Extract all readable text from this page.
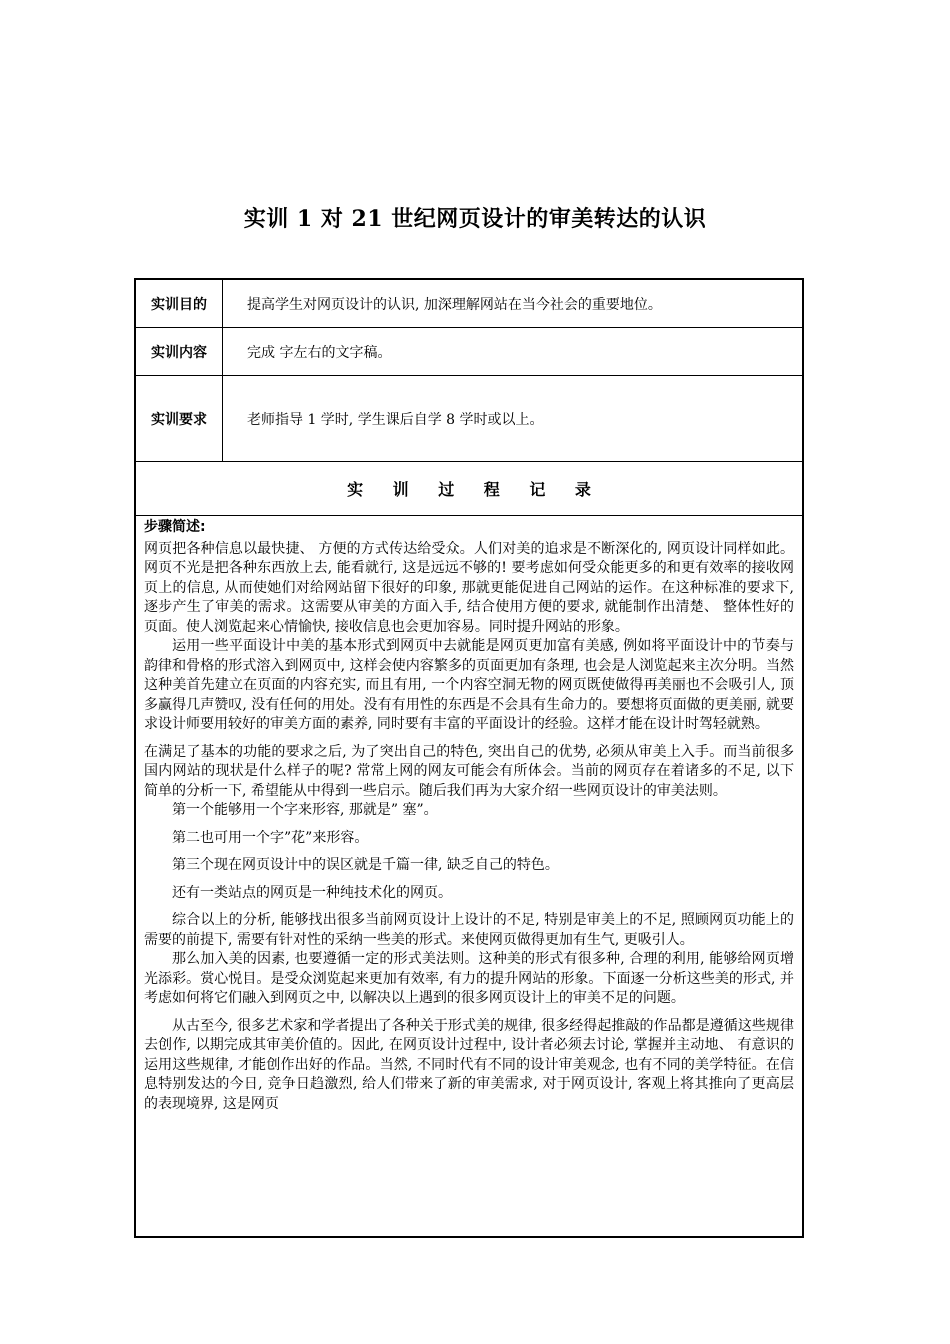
实训 1 对 21 世纪网页设计的审美转达的认识
实训目的	提高学生对网页设计的认识, 加深理解网站在当今社会的重要地位。
实训内容	完成 字左右的文字稿。
实训要求	老师指导 1 学时, 学生课后自学 8 学时或以上。
实 训 过 程 记 录

步骤简述:

网页把各种信息以最快捷、 方便的方式传达给受众。人们对美的追求是不断深化的, 网页设计同样如此。网页不光是把各种东西放上去, 能看就行, 这是远远不够的! 要考虑如何受众能更多的和更有效率的接收网页上的信息, 从而使她们对给网站留下很好的印象, 那就更能促进自己网站的运作。在这种标准的要求下, 逐步产生了审美的需求。这需要从审美的方面入手, 结合使用方便的要求, 就能制作出清楚、 整体性好的页面。使人浏览起来心情愉快, 接收信息也会更加容易。同时提升网站的形象。

运用一些平面设计中美的基本形式到网页中去就能是网页更加富有美感, 例如将平面设计中的节奏与韵律和骨格的形式溶入到网页中, 这样会使内容繁多的页面更加有条理, 也会是人浏览起来主次分明。当然这种美首先建立在页面的内容充实, 而且有用, 一个内容空洞无物的网页既使做得再美丽也不会吸引人, 顶多赢得几声赞叹, 没有任何的用处。没有有用性的东西是不会具有生命力的。要想将页面做的更美丽, 就要求设计师要用较好的审美方面的素养, 同时要有丰富的平面设计的经验。这样才能在设计时驾轻就熟。

在满足了基本的功能的要求之后, 为了突出自己的特色, 突出自己的优势, 必须从审美上入手。而当前很多国内网站的现状是什么样子的呢? 常常上网的网友可能会有所体会。当前的网页存在着诸多的不足, 以下简单的分析一下, 希望能从中得到一些启示。随后我们再为大家介绍一些网页设计的审美法则。

第一个能够用一个字来形容, 那就是” 塞”。

第二也可用一个字”花”来形容。

第三个现在网页设计中的误区就是千篇一律, 缺乏自己的特色。

还有一类站点的网页是一种纯技术化的网页。

综合以上的分析, 能够找出很多当前网页设计上设计的不足, 特别是审美上的不足, 照顾网页功能上的需要的前提下, 需要有针对性的采纳一些美的形式。来使网页做得更加有生气, 更吸引人。

那么加入美的因素, 也要遵循一定的形式美法则。这种美的形式有很多种, 合理的利用, 能够给网页增光添彩。赏心悦目。是受众浏览起来更加有效率, 有力的提升网站的形象。下面逐一分析这些美的形式, 并考虑如何将它们融入到网页之中, 以解决以上遇到的很多网页设计上的审美不足的问题。

从古至今, 很多艺术家和学者提出了各种关于形式美的规律, 很多经得起推敲的作品都是遵循这些规律去创作, 以期完成其审美价值的。因此, 在网页设计过程中, 设计者必须去讨论, 掌握并主动地、 有意识的运用这些规律, 才能创作出好的作品。当然, 不同时代有不同的设计审美观念, 也有不同的美学特征。在信息特别发达的今日, 竞争日趋激烈, 给人们带来了新的审美需求, 对于网页设计, 客观上将其推向了更高层的表现境界, 这是网页
